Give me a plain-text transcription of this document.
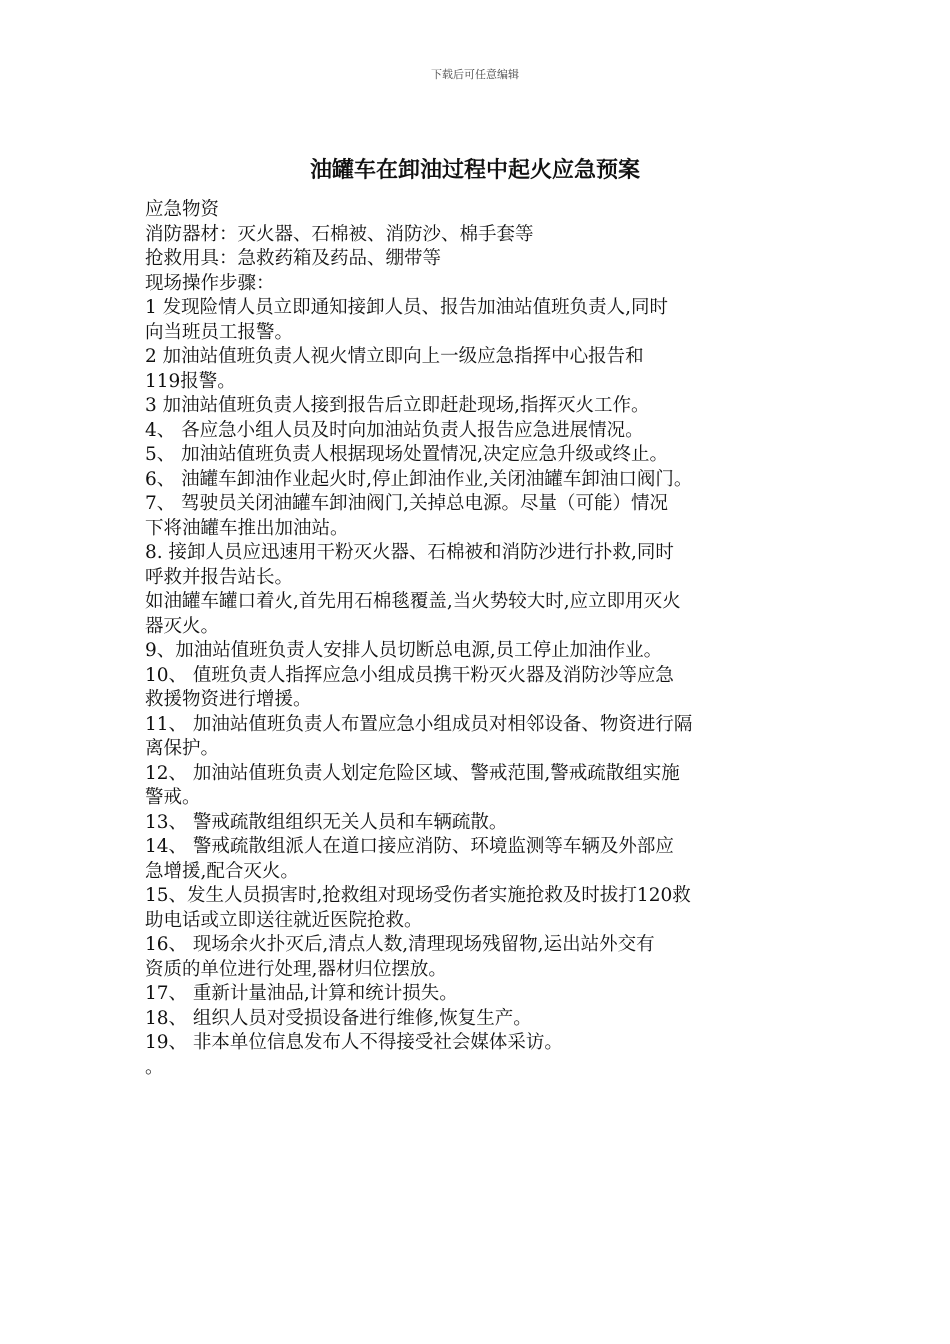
下载后可任意编辑
油罐车在卸油过程中起火应急预案
应急物资
消防器材：灭火器、石棉被、消防沙、棉手套等
抢救用具：急救药箱及药品、绷带等
现场操作步骤：
1 发现险情人员立即通知接卸人员、报告加油站值班负责人,同时
向当班员工报警。
2 加油站值班负责人视火情立即向上一级应急指挥中心报告和
119报警。
3 加油站值班负责人接到报告后立即赶赴现场,指挥灭火工作。
4、 各应急小组人员及时向加油站负责人报告应急进展情况。
5、 加油站值班负责人根据现场处置情况,决定应急升级或终止。
6、 油罐车卸油作业起火时,停止卸油作业,关闭油罐车卸油口阀门。
7、 驾驶员关闭油罐车卸油阀门,关掉总电源。尽量（可能）情况
下将油罐车推出加油站。
8. 接卸人员应迅速用干粉灭火器、石棉被和消防沙进行扑救,同时
呼救并报告站长。
如油罐车罐口着火,首先用石棉毯覆盖,当火势较大时,应立即用灭火
器灭火。
9、加油站值班负责人安排人员切断总电源,员工停止加油作业。
10、 值班负责人指挥应急小组成员携干粉灭火器及消防沙等应急
救援物资进行增援。
11、 加油站值班负责人布置应急小组成员对相邻设备、物资进行隔
离保护。
12、 加油站值班负责人划定危险区域、警戒范围,警戒疏散组实施
警戒。
13、 警戒疏散组组织无关人员和车辆疏散。
14、 警戒疏散组派人在道口接应消防、环境监测等车辆及外部应
急增援,配合灭火。
15、发生人员损害时,抢救组对现场受伤者实施抢救及时拔打120救
助电话或立即送往就近医院抢救。
16、 现场余火扑灭后,清点人数,清理现场残留物,运出站外交有
资质的单位进行处理,器材归位摆放。
17、 重新计量油品,计算和统计损失。
18、 组织人员对受损设备进行维修,恢复生产。
19、 非本单位信息发布人不得接受社会媒体采访。
。
